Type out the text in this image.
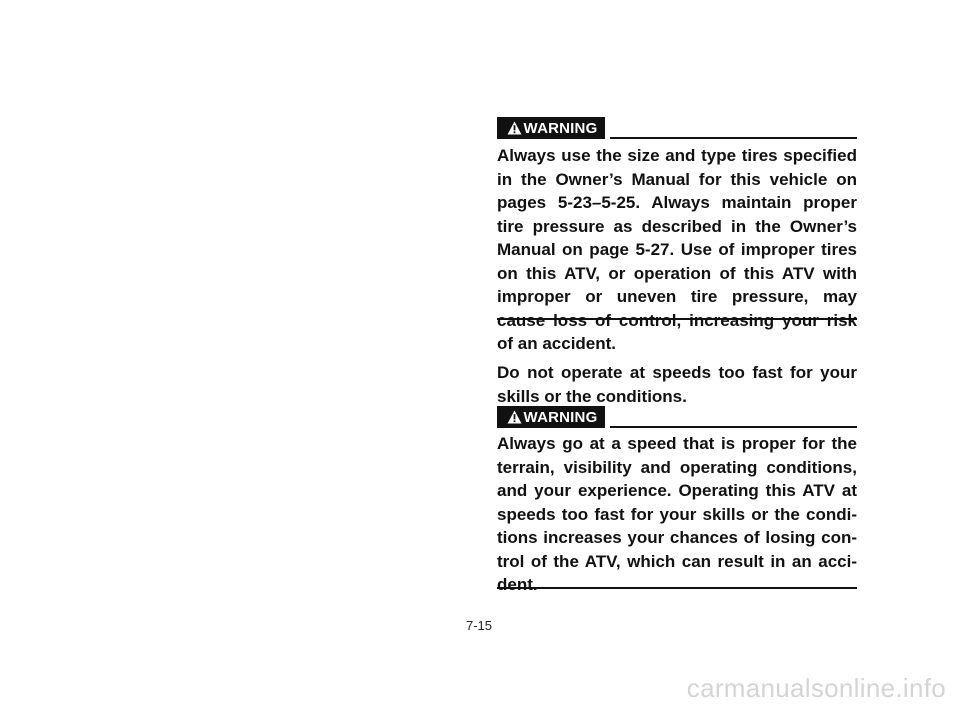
WARNING

Always use the size and type tires specified in the Owner’s Manual for this vehicle on pages 5-23–5-25. Always maintain proper tire pressure as described in the Owner’s Manual on page 5-27. Use of improper tires on this ATV, or operation of this ATV with improper or uneven tire pressure, may cause loss of control, increasing your risk of an accident.

Do not operate at speeds too fast for your skills or the conditions.

WARNING

Always go at a speed that is proper for the terrain, visibility and operating conditions, and your experience. Operating this ATV at speeds too fast for your skills or the condi-tions increases your chances of losing con-trol of the ATV, which can result in an acci-dent.

7-15
carmanualsonline.info
